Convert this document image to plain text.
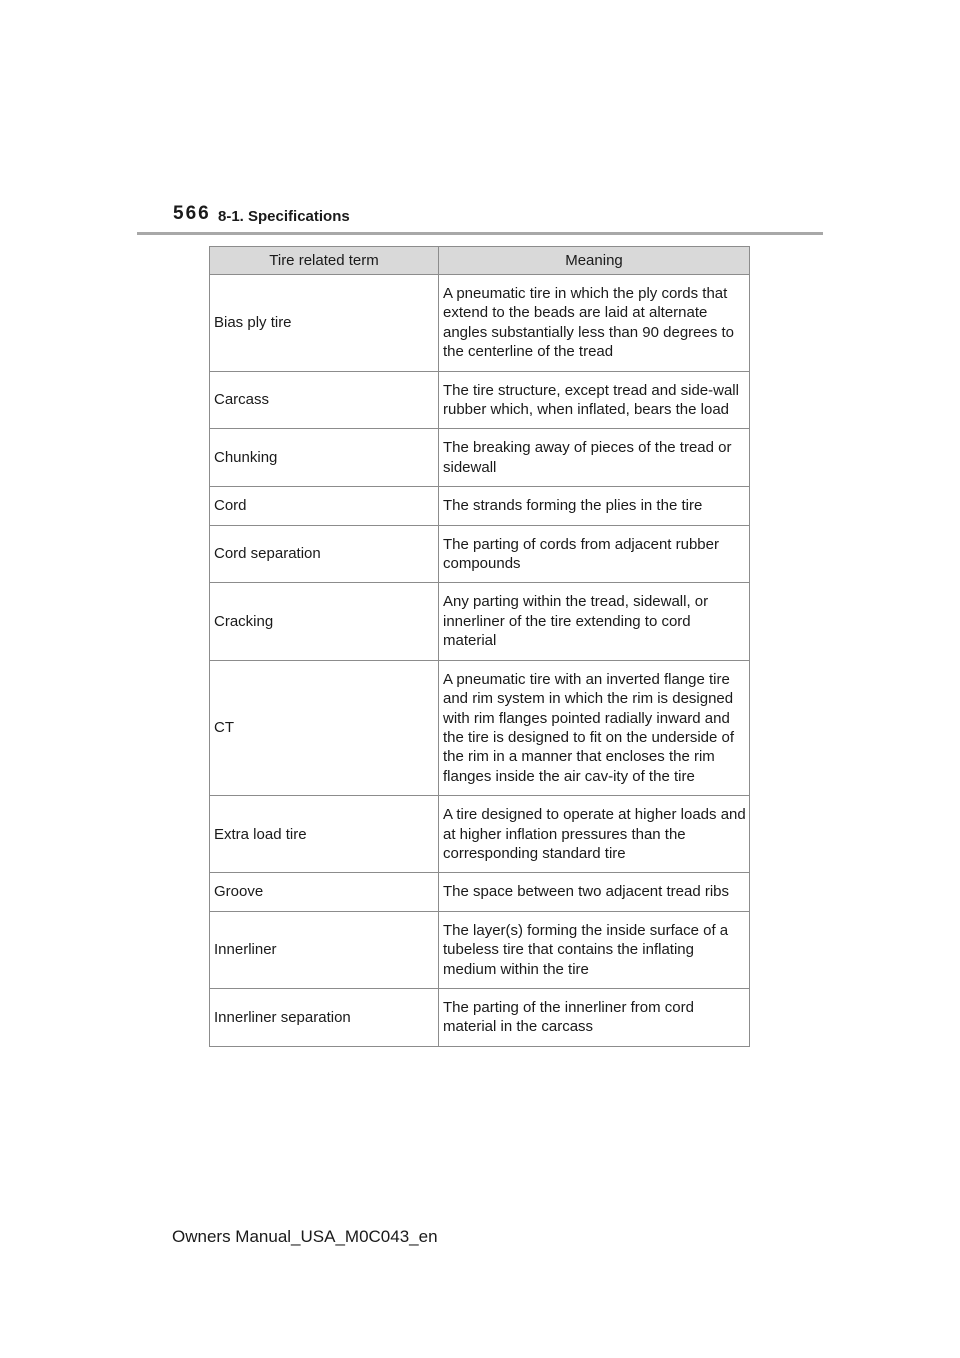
566 8-1. Specifications
Tire related term	Meaning
Bias ply tire	A pneumatic tire in which the ply cords that extend to the beads are laid at alternate angles substantially less than 90 degrees to the centerline of the tread
Carcass	The tire structure, except tread and side-wall rubber which, when inflated, bears the load
Chunking	The breaking away of pieces of the tread or sidewall
Cord	The strands forming the plies in the tire
Cord separation	The parting of cords from adjacent rubber compounds
Cracking	Any parting within the tread, sidewall, or innerliner of the tire extending to cord material
CT	A pneumatic tire with an inverted flange tire and rim system in which the rim is designed with rim flanges pointed radially inward and the tire is designed to fit on the underside of the rim in a manner that encloses the rim flanges inside the air cav-ity of the tire
Extra load tire	A tire designed to operate at higher loads and at higher inflation pressures than the corresponding standard tire
Groove	The space between two adjacent tread ribs
Innerliner	The layer(s) forming the inside surface of a tubeless tire that contains the inflating medium within the tire
Innerliner separation	The parting of the innerliner from cord material in the carcass
Owners Manual_USA_M0C043_en
